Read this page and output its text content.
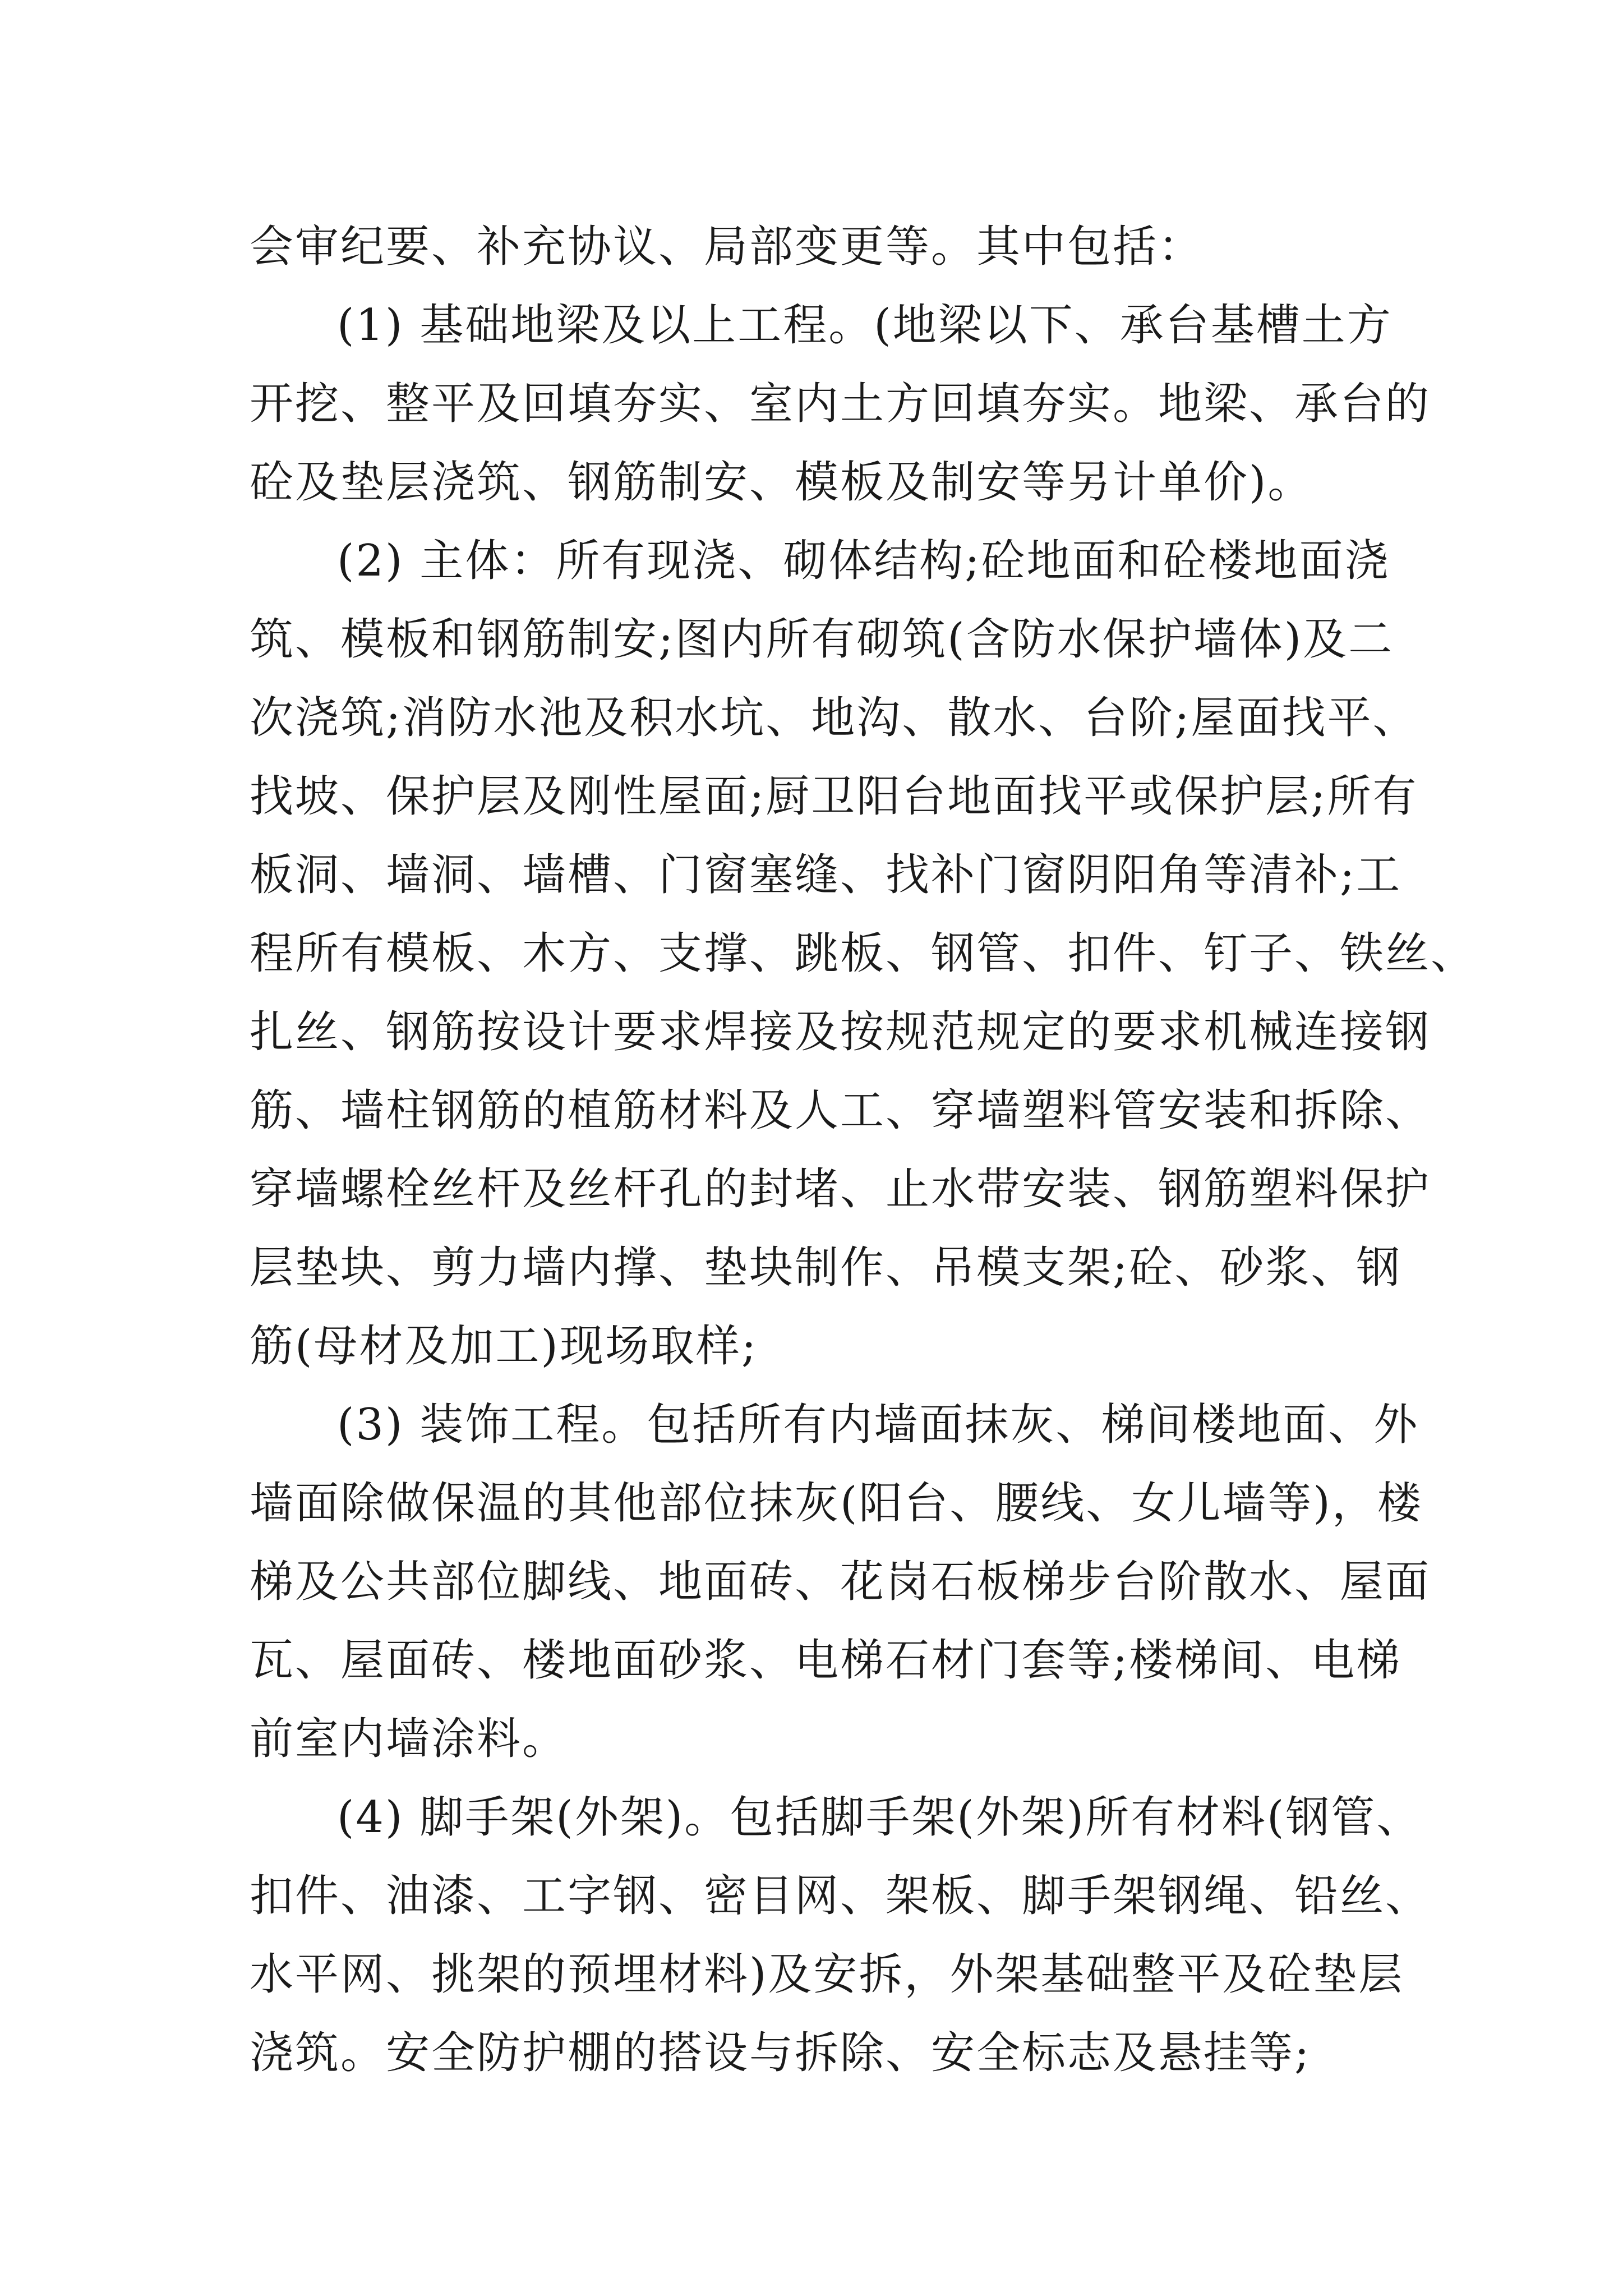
会审纪要、补充协议、局部变更等。其中包括：
(1) 基础地梁及以上工程。(地梁以下、承台基槽土方
开挖、整平及回填夯实、室内土方回填夯实。地梁、承台的
砼及垫层浇筑、钢筋制安、模板及制安等另计单价)。
(2) 主体：所有现浇、砌体结构;砼地面和砼楼地面浇
筑、模板和钢筋制安;图内所有砌筑(含防水保护墙体)及二
次浇筑;消防水池及积水坑、地沟、散水、台阶;屋面找平、
找坡、保护层及刚性屋面;厨卫阳台地面找平或保护层;所有
板洞、墙洞、墙槽、门窗塞缝、找补门窗阴阳角等清补;工
程所有模板、木方、支撑、跳板、钢管、扣件、钉子、铁丝、
扎丝、钢筋按设计要求焊接及按规范规定的要求机械连接钢
筋、墙柱钢筋的植筋材料及人工、穿墙塑料管安装和拆除、
穿墙螺栓丝杆及丝杆孔的封堵、止水带安装、钢筋塑料保护
层垫块、剪力墙内撑、垫块制作、吊模支架;砼、砂浆、钢
筋(母材及加工)现场取样;
(3) 装饰工程。包括所有内墙面抹灰、梯间楼地面、外
墙面除做保温的其他部位抹灰(阳台、腰线、女儿墙等)，楼
梯及公共部位脚线、地面砖、花岗石板梯步台阶散水、屋面
瓦、屋面砖、楼地面砂浆、电梯石材门套等;楼梯间、电梯
前室内墙涂料。
(4) 脚手架(外架)。包括脚手架(外架)所有材料(钢管、
扣件、油漆、工字钢、密目网、架板、脚手架钢绳、铅丝、
水平网、挑架的预埋材料)及安拆，外架基础整平及砼垫层
浇筑。安全防护棚的搭设与拆除、安全标志及悬挂等;
